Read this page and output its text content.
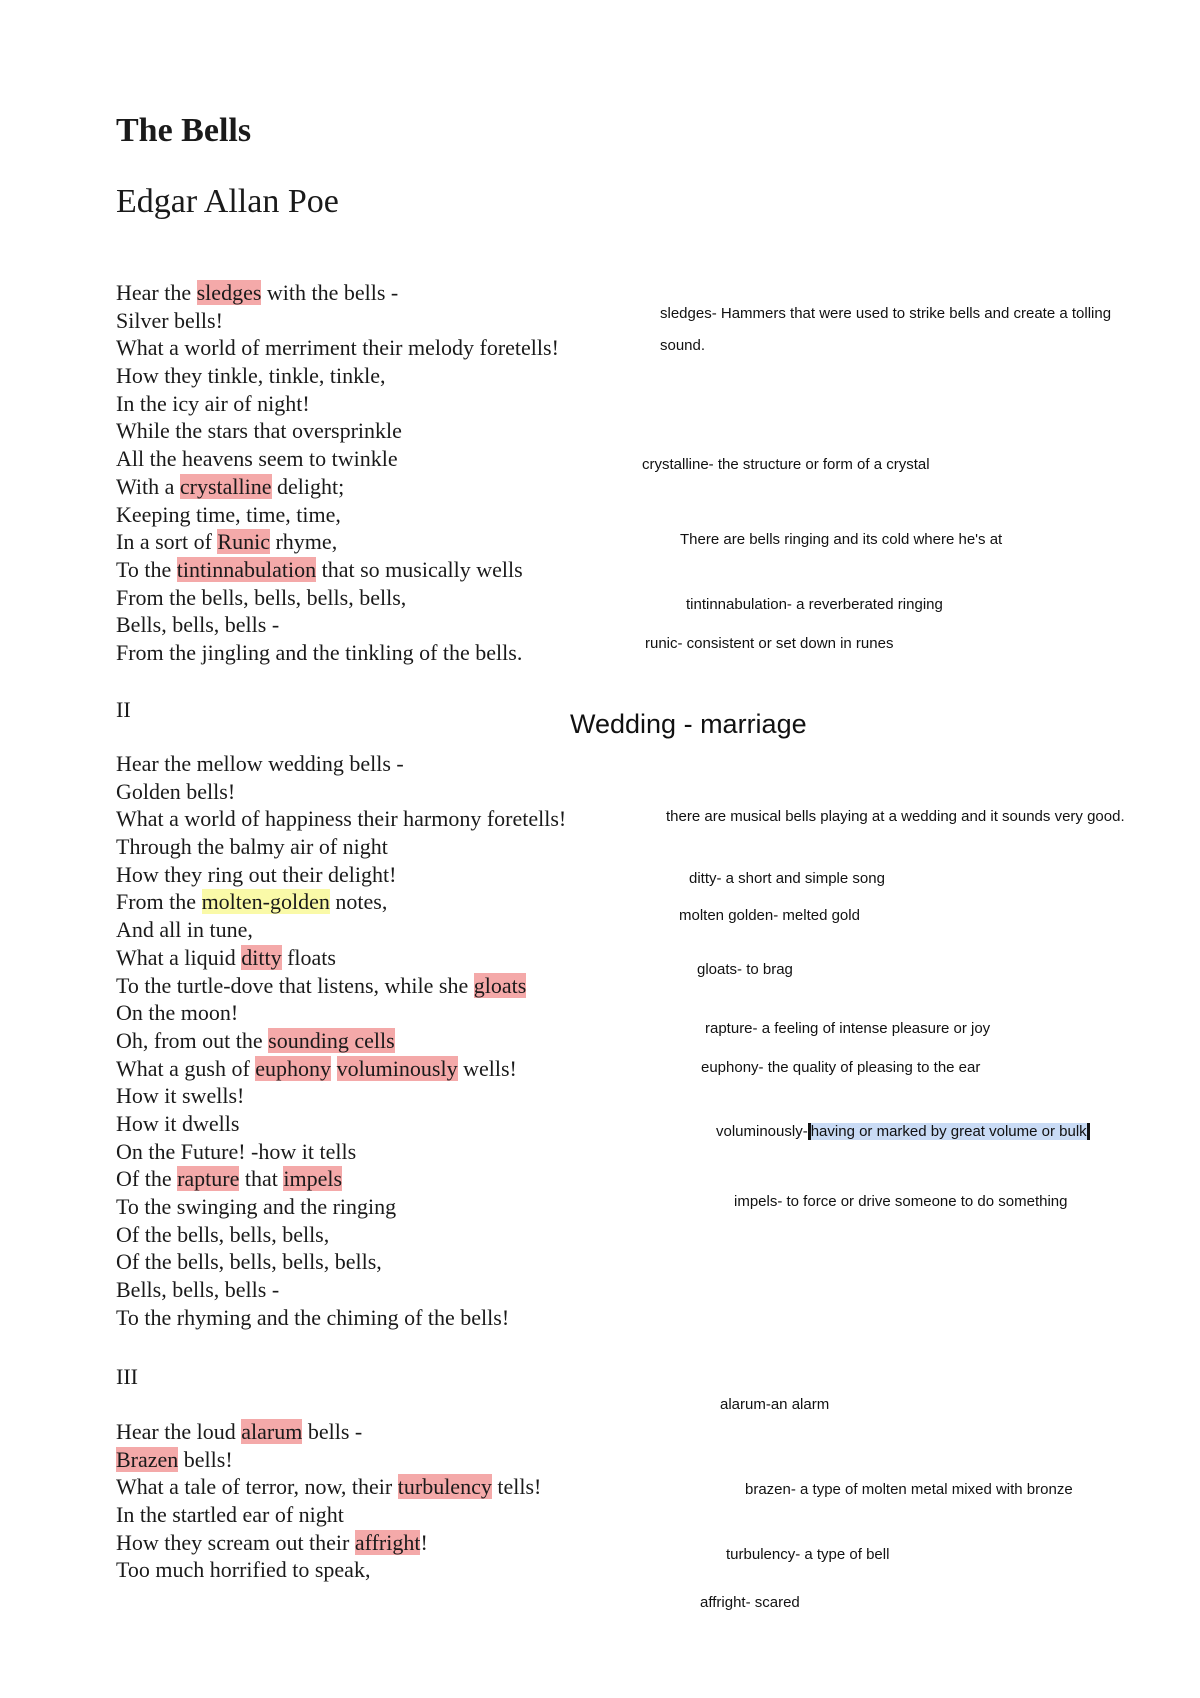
The Bells
Edgar Allan Poe
Hear the sledges with the bells -
Silver bells!
What a world of merriment their melody foretells!
How they tinkle, tinkle, tinkle,
In the icy air of night!
While the stars that oversprinkle
All the heavens seem to twinkle
With a crystalline delight;
Keeping time, time, time,
In a sort of Runic rhyme,
To the tintinnabulation that so musically wells
From the bells, bells, bells, bells,
Bells, bells, bells -
From the jingling and the tinkling of the bells.
II
Hear the mellow wedding bells -
Golden bells!
What a world of happiness their harmony foretells!
Through the balmy air of night
How they ring out their delight!
From the molten-golden notes,
And all in tune,
What a liquid ditty floats
To the turtle-dove that listens, while she gloats
On the moon!
Oh, from out the sounding cells
What a gush of euphony voluminously wells!
How it swells!
How it dwells
On the Future! -how it tells
Of the rapture that impels
To the swinging and the ringing
Of the bells, bells, bells,
Of the bells, bells, bells, bells,
Bells, bells, bells -
To the rhyming and the chiming of the bells!
III
Hear the loud alarum bells -
Brazen bells!
What a tale of terror, now, their turbulency tells!
In the startled ear of night
How they scream out their affright!
Too much horrified to speak,

sledges- Hammers that were used to strike bells and create a tolling sound.

crystalline- the structure or form of a crystal

There are bells ringing and its cold where he's at

tintinnabulation- a reverberated ringing

runic- consistent or set down in runes

Wedding - marriage

there are musical bells playing at a wedding and it sounds very good.

ditty- a short and simple song

molten golden- melted gold

gloats- to brag

rapture- a feeling of intense pleasure or joy

euphony- the quality of pleasing to the ear

voluminously- having or marked by great volume or bulk

impels- to force or drive someone to do something

alarum-an alarm

brazen- a type of molten metal mixed with bronze

turbulency- a type of bell

affright- scared
